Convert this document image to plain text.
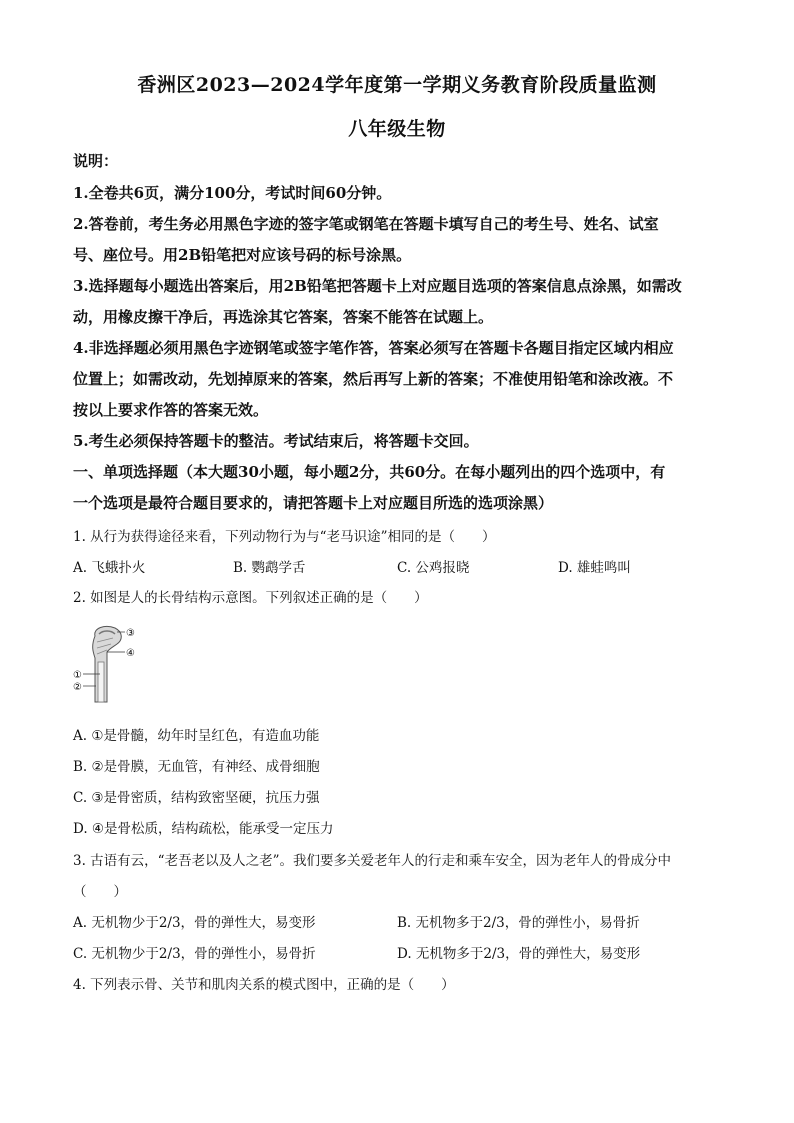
香洲区2023—2024学年度第一学期义务教育阶段质量监测
八年级生物
说明：
1.全卷共6页，满分100分，考试时间60分钟。
2.答卷前，考生务必用黑色字迹的签字笔或钢笔在答题卡填写自己的考生号、姓名、试室
号、座位号。用2B铅笔把对应该号码的标号涂黑。
3.选择题每小题选出答案后，用2B铅笔把答题卡上对应题目选项的答案信息点涂黑，如需改
动，用橡皮擦干净后，再选涂其它答案，答案不能答在试题上。
4.非选择题必须用黑色字迹钢笔或签字笔作答，答案必须写在答题卡各题目指定区域内相应
位置上；如需改动，先划掉原来的答案，然后再写上新的答案；不准使用铅笔和涂改液。不
按以上要求作答的答案无效。
5.考生必须保持答题卡的整洁。考试结束后，将答题卡交回。
一、单项选择题（本大题30小题，每小题2分，共60分。在每小题列出的四个选项中，有
一个选项是最符合题目要求的，请把答题卡上对应题目所选的选项涂黑）
1. 从行为获得途径来看，下列动物行为与“老马识途”相同的是（　　）
A. 飞蛾扑火	B. 鹦鹉学舌	C. 公鸡报晓	D. 雄蛙鸣叫
2. 如图是人的长骨结构示意图。下列叙述正确的是（　　）
③
④
①
②
A. ①是骨髓，幼年时呈红色，有造血功能
B. ②是骨膜，无血管，有神经、成骨细胞
C. ③是骨密质，结构致密坚硬，抗压力强
D. ④是骨松质，结构疏松，能承受一定压力
3. 古语有云，“老吾老以及人之老”。我们要多关爱老年人的行走和乘车安全，因为老年人的骨成分中
（　　）
A. 无机物少于2/3，骨的弹性大，易变形	B. 无机物多于2/3，骨的弹性小，易骨折
C. 无机物少于2/3，骨的弹性小，易骨折	D. 无机物多于2/3，骨的弹性大，易变形
4. 下列表示骨、关节和肌肉关系的模式图中，正确的是（　　）
